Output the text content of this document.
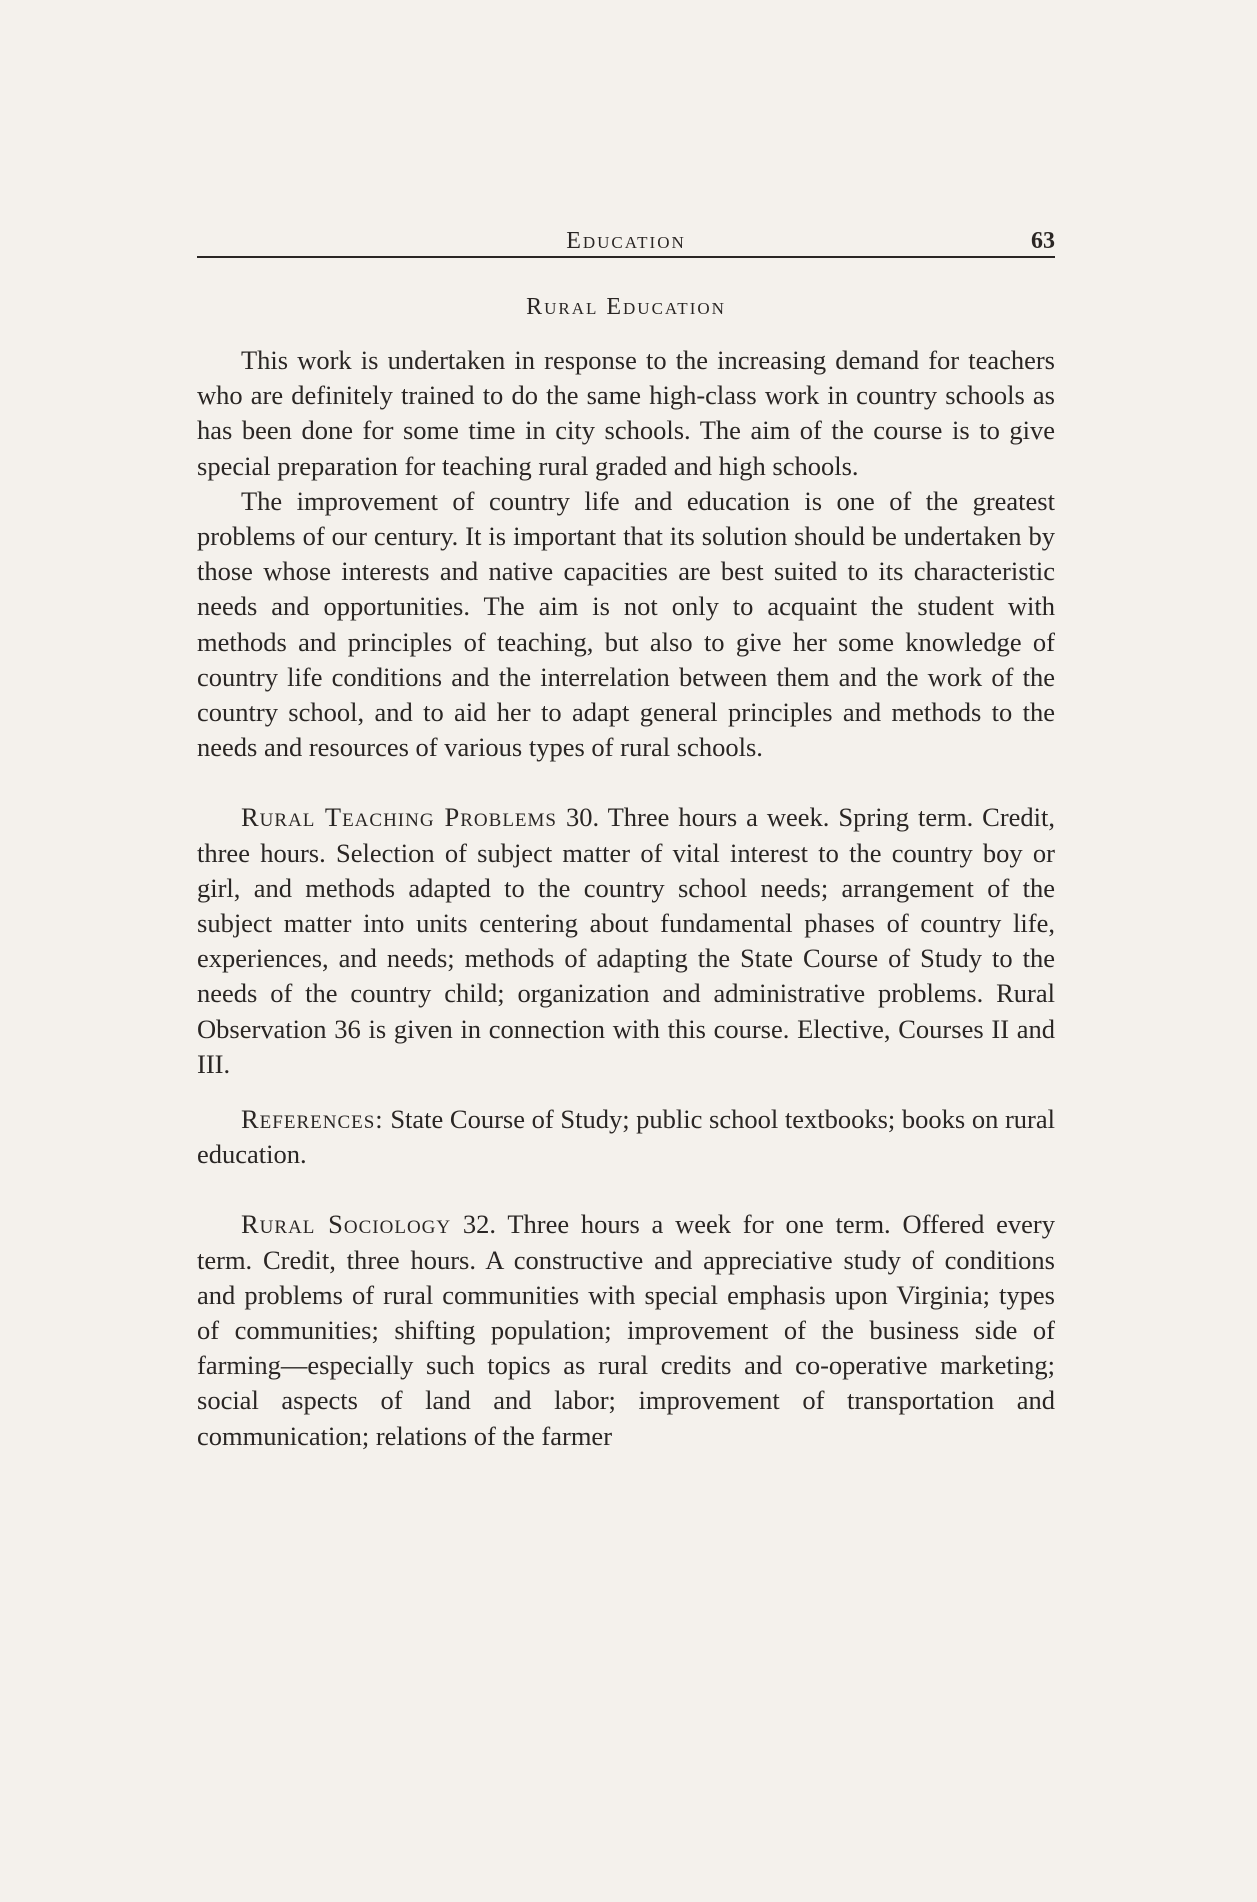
Education	63
Rural Education

This work is undertaken in response to the increasing demand for teachers who are definitely trained to do the same high-class work in country schools as has been done for some time in city schools. The aim of the course is to give special preparation for teaching rural graded and high schools.

The improvement of country life and education is one of the greatest problems of our century. It is important that its solution should be undertaken by those whose interests and native capacities are best suited to its characteristic needs and opportunities. The aim is not only to acquaint the student with methods and principles of teaching, but also to give her some knowledge of country life conditions and the interrelation between them and the work of the country school, and to aid her to adapt general principles and methods to the needs and resources of various types of rural schools.

Rural Teaching Problems 30. Three hours a week. Spring term. Credit, three hours. Selection of subject matter of vital interest to the country boy or girl, and methods adapted to the country school needs; arrangement of the subject matter into units centering about fundamental phases of country life, experiences, and needs; methods of adapting the State Course of Study to the needs of the country child; organization and administrative problems. Rural Observation 36 is given in connection with this course. Elective, Courses II and III.

References: State Course of Study; public school textbooks; books on rural education.

Rural Sociology 32. Three hours a week for one term. Offered every term. Credit, three hours. A constructive and appreciative study of conditions and problems of rural communities with special emphasis upon Virginia; types of communities; shifting population; improvement of the business side of farming—especially such topics as rural credits and co-operative marketing; social aspects of land and labor; improvement of transportation and communication; relations of the farmer
